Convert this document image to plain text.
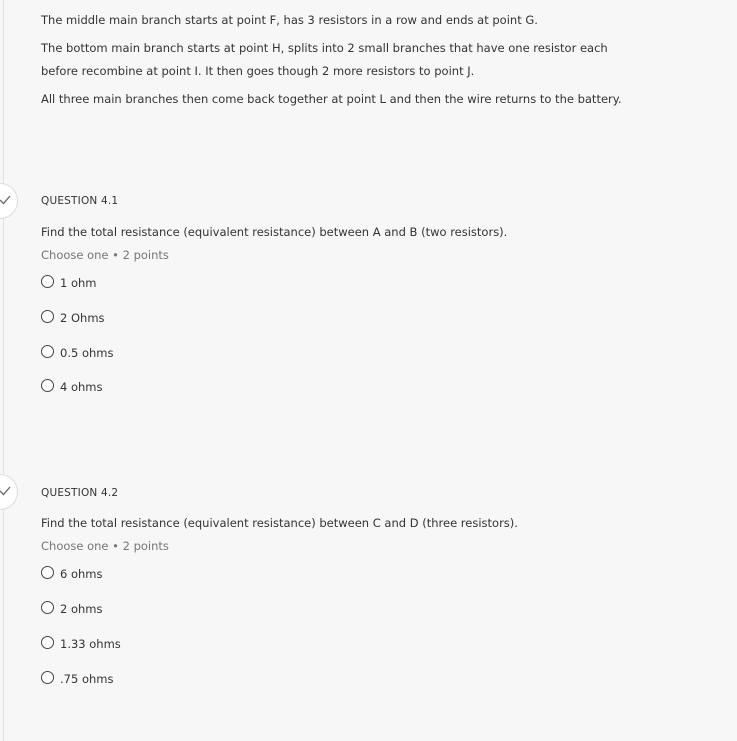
The middle main branch starts at point F, has 3 resistors in a row and ends at point G.

The bottom main branch starts at point H, splits into 2 small branches that have one resistor each

before recombine at point I. It then goes though 2 more resistors to point J.

All three main branches then come back together at point L and then the wire returns to the battery.

QUESTION 4.1
Find the total resistance (equivalent resistance) between A and B (two resistors).
Choose one • 2 points
1 ohm
2 Ohms
0.5 ohms
4 ohms
QUESTION 4.2
Find the total resistance (equivalent resistance) between C and D (three resistors).
Choose one • 2 points
6 ohms
2 ohms
1.33 ohms
.75 ohms
